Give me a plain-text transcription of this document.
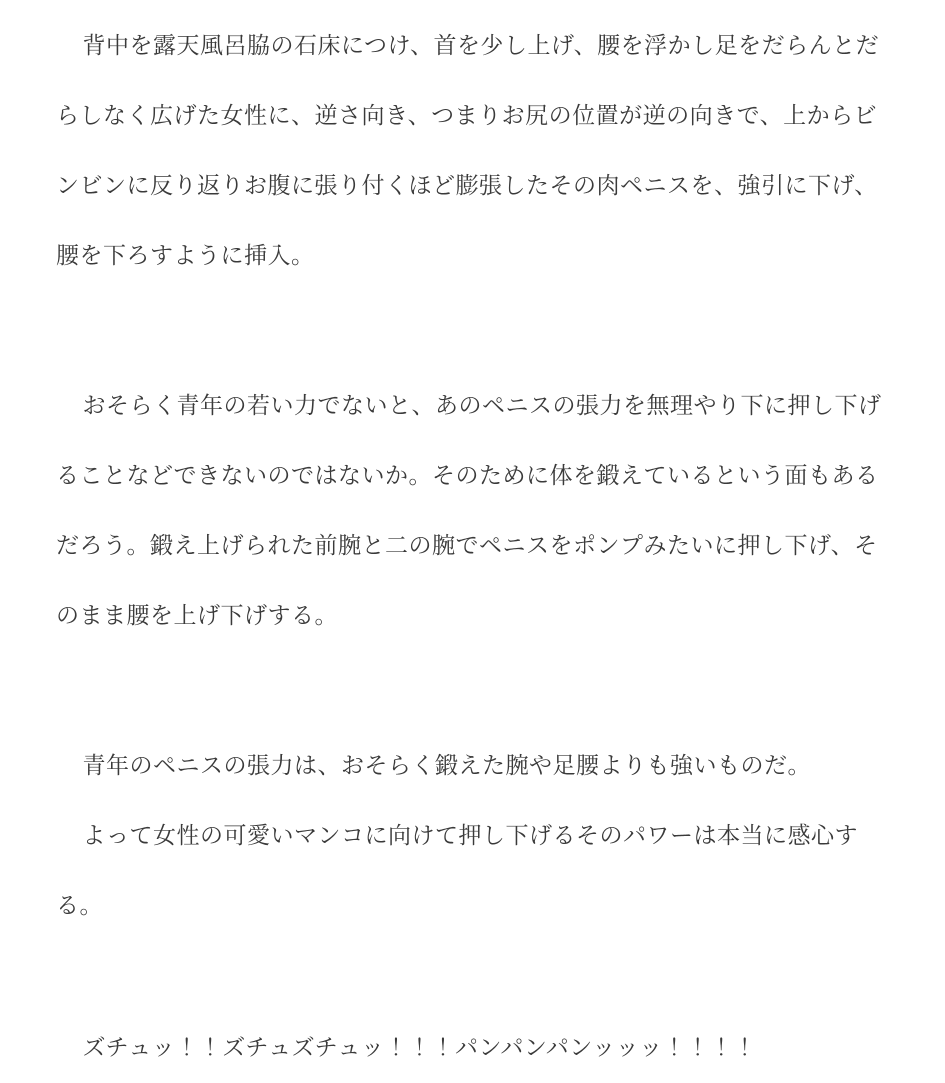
背中を露天風呂脇の石床につけ、首を少し上げ、腰を浮かし足をだらんとだらしなく広げた女性に、逆さ向き、つまりお尻の位置が逆の向きで、上からビンビンに反り返りお腹に張り付くほど膨張したその肉ペニスを、強引に下げ、腰を下ろすように挿入。

おそらく青年の若い力でないと、あのペニスの張力を無理やり下に押し下げることなどできないのではないか。そのために体を鍛えているという面もあるだろう。鍛え上げられた前腕と二の腕でペニスをポンプみたいに押し下げ、そのまま腰を上げ下げする。

青年のペニスの張力は、おそらく鍛えた腕や足腰よりも強いものだ。

よって女性の可愛いマンコに向けて押し下げるそのパワーは本当に感心する。

ズチュッ！！ズチュズチュッ！！！パンパンパンッッッ！！！！
